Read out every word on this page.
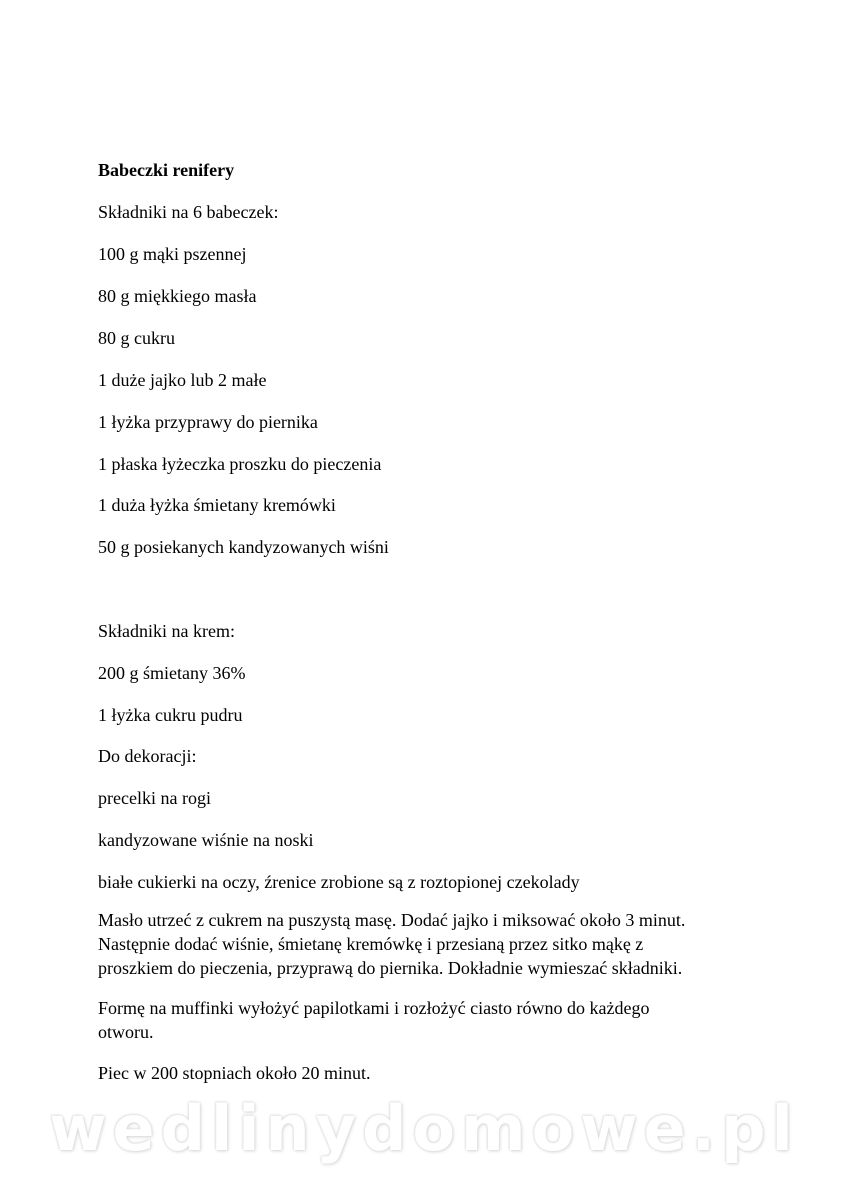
Babeczki renifery
Składniki na 6 babeczek:
100 g mąki pszennej
80 g miękkiego masła
80 g cukru
1 duże jajko lub 2 małe
1 łyżka przyprawy do piernika
1 płaska łyżeczka proszku do pieczenia
1 duża łyżka śmietany kremówki
50 g posiekanych kandyzowanych wiśni
Składniki na krem:
200 g śmietany 36%
1 łyżka cukru pudru
Do dekoracji:
precelki na rogi
kandyzowane wiśnie na noski
białe cukierki na oczy, źrenice zrobione są z roztopionej czekolady
Masło utrzeć z cukrem na puszystą masę. Dodać jajko i miksować około 3 minut.
Następnie dodać wiśnie, śmietanę kremówkę i przesianą przez sitko mąkę z
proszkiem do pieczenia, przyprawą do piernika. Dokładnie wymieszać składniki.
Formę na muffinki wyłożyć papilotkami i rozłożyć ciasto równo do każdego
otworu.
Piec w 200 stopniach około 20 minut.
wedlinydomowe.pl
